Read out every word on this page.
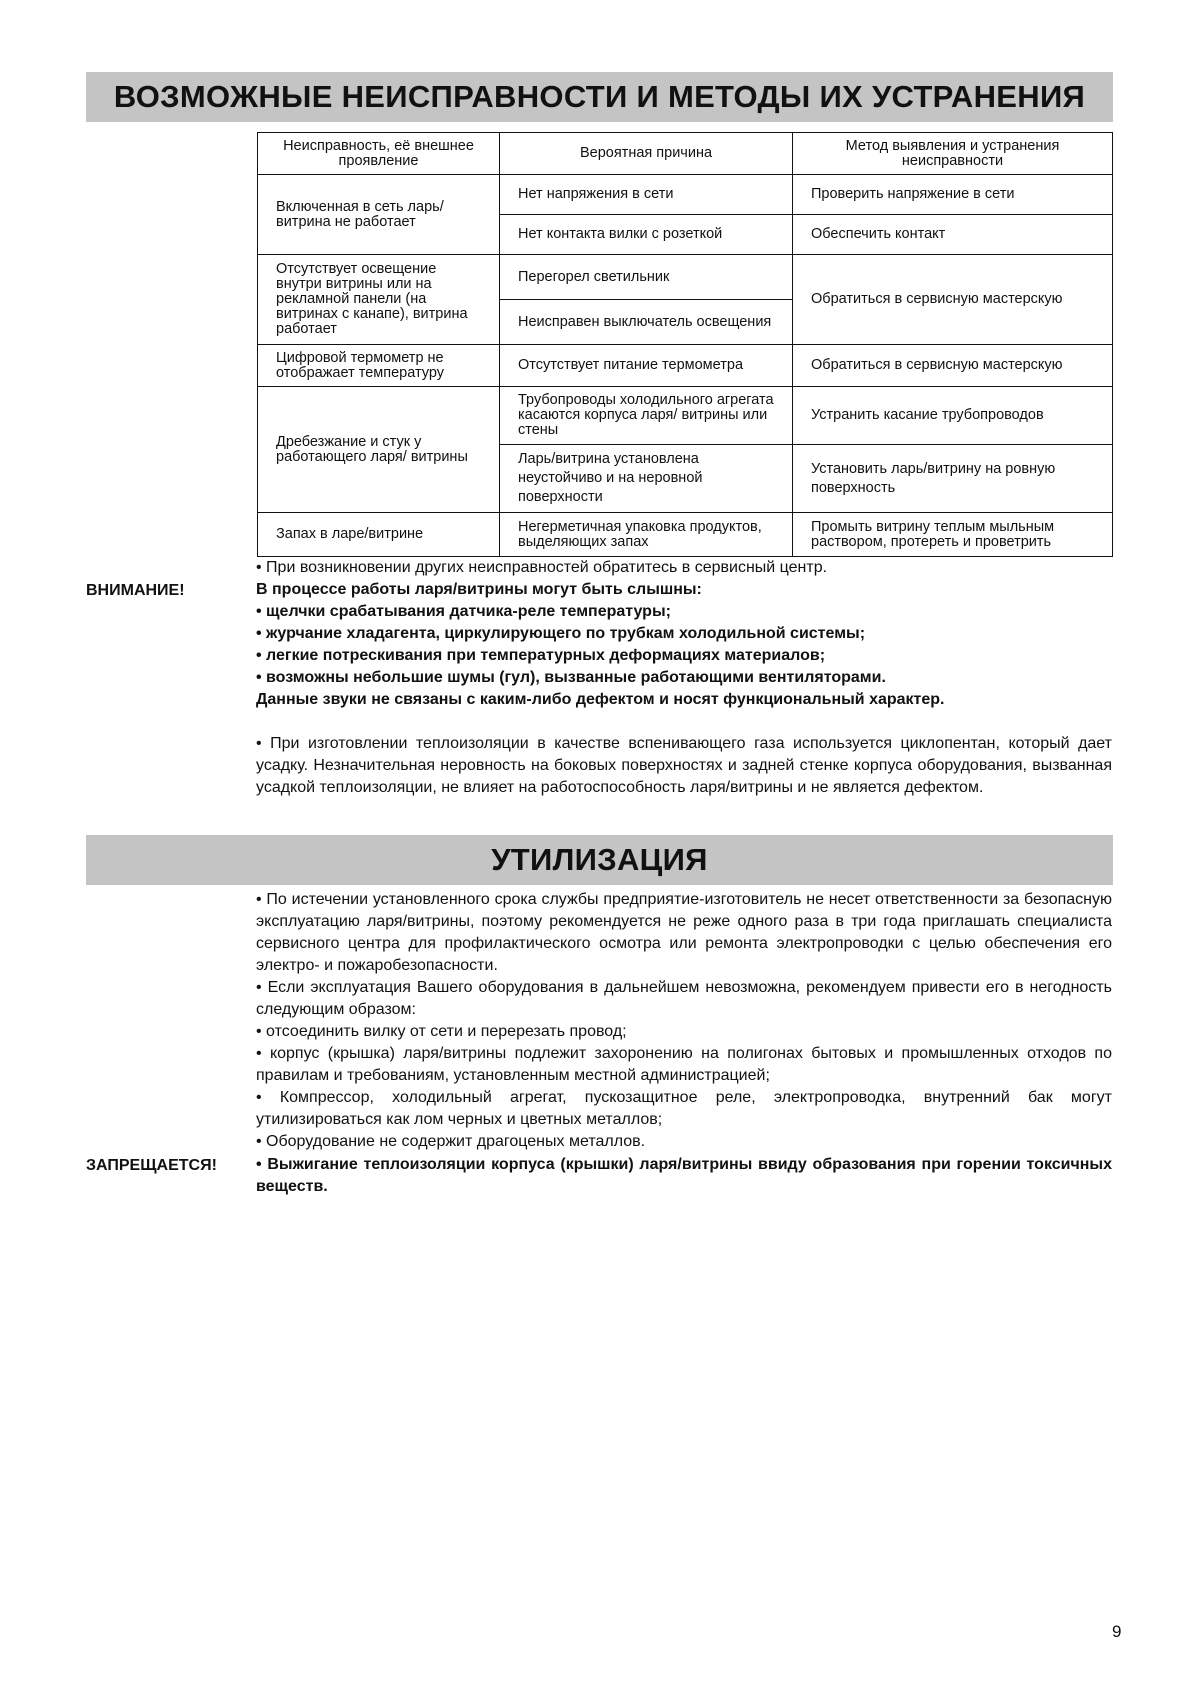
ВОЗМОЖНЫЕ НЕИСПРАВНОСТИ И МЕТОДЫ ИХ УСТРАНЕНИЯ
Неисправность, её внешнее проявление	Вероятная причина	Метод выявления и устранения неисправности
Включенная в сеть ларь/ витрина не работает	Нет напряжения в сети	Проверить напряжение в сети
	Нет контакта вилки с розеткой	Обеспечить контакт
Отсутствует освещение внутри витрины или на рекламной панели (на витринах с канапе), витрина работает	Перегорел светильник	Обратиться в сервисную мастерскую
	Неисправен выключатель освещения	
Цифровой термометр не отображает температуру	Отсутствует питание термометра	Обратиться в сервисную мастерскую
Дребезжание и стук у работающего ларя/ витрины	Трубопроводы холодильного агрегата касаются корпуса ларя/ витрины или стены	Устранить касание трубопроводов
	Ларь/витрина установлена неустойчиво и на неровной поверхности	Установить ларь/витрину на ровную поверхность
Запах в ларе/витрине	Негерметичная упаковка продуктов, выделяющих запах	Промыть витрину теплым мыльным раствором, протереть и проветрить

• При возникновении других неисправностей обратитесь в сервисный центр.

ВНИМАНИЕ!	В процессе работы ларя/витрины могут быть слышны:

• щелчки срабатывания датчика-реле температуры;

• журчание хладагента, циркулирующего по трубкам холодильной системы;

• легкие потрескивания при температурных деформациях материалов;

• возможны небольшие шумы (гул), вызванные работающими вентиляторами.

Данные звуки не связаны с каким-либо дефектом и носят функциональный характер.

• При изготовлении теплоизоляции в качестве вспенивающего газа используется циклопентан, который дает усадку. Незначительная неровность на боковых поверхностях и задней стенке корпуса оборудования, вызванная усадкой теплоизоляции, не влияет на работоспособность ларя/витрины и не является дефектом.

УТИЛИЗАЦИЯ

• По истечении установленного срока службы предприятие-изготовитель не несет ответственности за безопасную эксплуатацию ларя/витрины, поэтому рекомендуется не реже одного раза в три года приглашать специалиста сервисного центра для профилактического осмотра или ремонта электропроводки с целью обеспечения его электро- и пожаробезопасности.

• Если эксплуатация Вашего оборудования в дальнейшем невозможна, рекомендуем привести его в негодность следующим образом:

• отсоединить вилку от сети и перерезать провод;

• корпус (крышка) ларя/витрины подлежит захоронению на полигонах бытовых и промышленных отходов по правилам и требованиям, установленным местной администрацией;

• Компрессор, холодильный агрегат, пускозащитное реле, электропроводка, внутренний бак могут утилизироваться как лом черных и цветных металлов;

• Оборудование не содержит драгоценых металлов.

ЗАПРЕЩАЕТСЯ! • Выжигание теплоизоляции корпуса (крышки) ларя/витрины ввиду образования при горении токсичных веществ.

9
